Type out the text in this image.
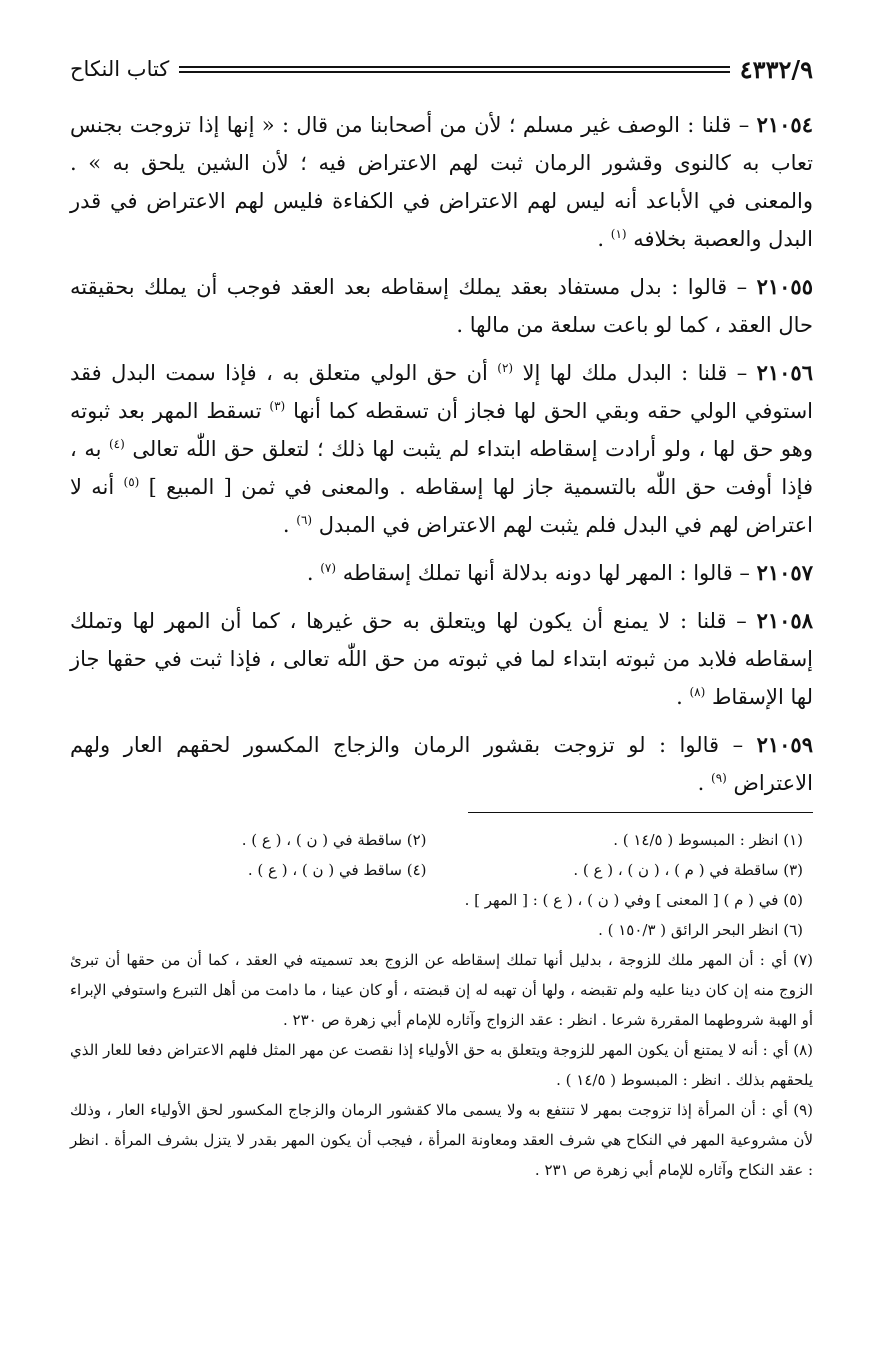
٤٣٣٢/٩
كتاب النكاح

٢١٠٥٤ – قلنا : الوصف غير مسلم ؛ لأن من أصحابنا من قال : « إنها إذا تزوجت بجنس تعاب به كالنوى وقشور الرمان ثبت لهم الاعتراض فيه ؛ لأن الشين يلحق به » . والمعنى في الأباعد أنه ليس لهم الاعتراض في الكفاءة فليس لهم الاعتراض في قدر البدل والعصبة بخلافه $^{(١)}$ .

٢١٠٥٥ – قالوا : بدل مستفاد بعقد يملك إسقاطه بعد العقد فوجب أن يملك بحقيقته حال العقد ، كما لو باعت سلعة من مالها .

٢١٠٥٦ – قلنا : البدل ملك لها إلا $^{(٢)}$ أن حق الولي متعلق به ، فإذا سمت البدل فقد استوفي الولي حقه وبقي الحق لها فجاز أن تسقطه كما أنها $^{(٣)}$ تسقط المهر بعد ثبوته وهو حق لها ، ولو أرادت إسقاطه ابتداء لم يثبت لها ذلك ؛ لتعلق حق اللّٰه تعالى $^{(٤)}$ به ، فإذا أوفت حق اللّٰه بالتسمية جاز لها إسقاطه . والمعنى في ثمن [ المبيع ] $^{(٥)}$ أنه لا اعتراض لهم في البدل فلم يثبت لهم الاعتراض في المبدل $^{(٦)}$ .

٢١٠٥٧ – قالوا : المهر لها دونه بدلالة أنها تملك إسقاطه $^{(٧)}$ .

٢١٠٥٨ – قلنا : لا يمنع أن يكون لها ويتعلق به حق غيرها ، كما أن المهر لها وتملك إسقاطه فلابد من ثبوته ابتداء لما في ثبوته من حق اللّٰه تعالى ، فإذا ثبت في حقها جاز لها الإسقاط $^{(٨)}$ .

٢١٠٥٩ – قالوا : لو تزوجت بقشور الرمان والزجاج المكسور لحقهم العار ولهم الاعتراض $^{(٩)}$ .

(١) انظر : المبسوط ( ١٤/٥ ) .
(٢) ساقطة في ( ن ) ، ( ع ) .
(٣) ساقطة في ( م ) ، ( ن ) ، ( ع ) .
(٤) ساقط في ( ن ) ، ( ع ) .

(٥) في ( م ) [ المعنى ] وفي ( ن ) ، ( ع ) : [ المهر ] .

(٦) انظر البحر الرائق ( ١٥٠/٣ ) .

(٧) أي : أن المهر ملك للزوجة ، بدليل أنها تملك إسقاطه عن الزوج بعد تسميته في العقد ، كما أن من حقها أن تبرئ الزوج منه إن كان دينا عليه ولم تقبضه ، ولها أن تهبه له إن قبضته ، أو كان عينا ، ما دامت من أهل التبرع واستوفي الإبراء أو الهبة شروطهما المقررة شرعا . انظر : عقد الزواج وآثاره للإمام أبي زهرة ص ٢٣٠ .

(٨) أي : أنه لا يمتنع أن يكون المهر للزوجة ويتعلق به حق الأولياء إذا نقصت عن مهر المثل فلهم الاعتراض دفعا للعار الذي يلحقهم بذلك . انظر : المبسوط ( ١٤/٥ ) .

(٩) أي : أن المرأة إذا تزوجت بمهر لا تنتفع به ولا يسمى مالا كقشور الرمان والزجاج المكسور لحق الأولياء العار ، وذلك لأن مشروعية المهر في النكاح هي شرف العقد ومعاونة المرأة ، فيجب أن يكون المهر بقدر لا يتزل بشرف المرأة . انظر : عقد النكاح وآثاره للإمام أبي زهرة ص ٢٣١ .
